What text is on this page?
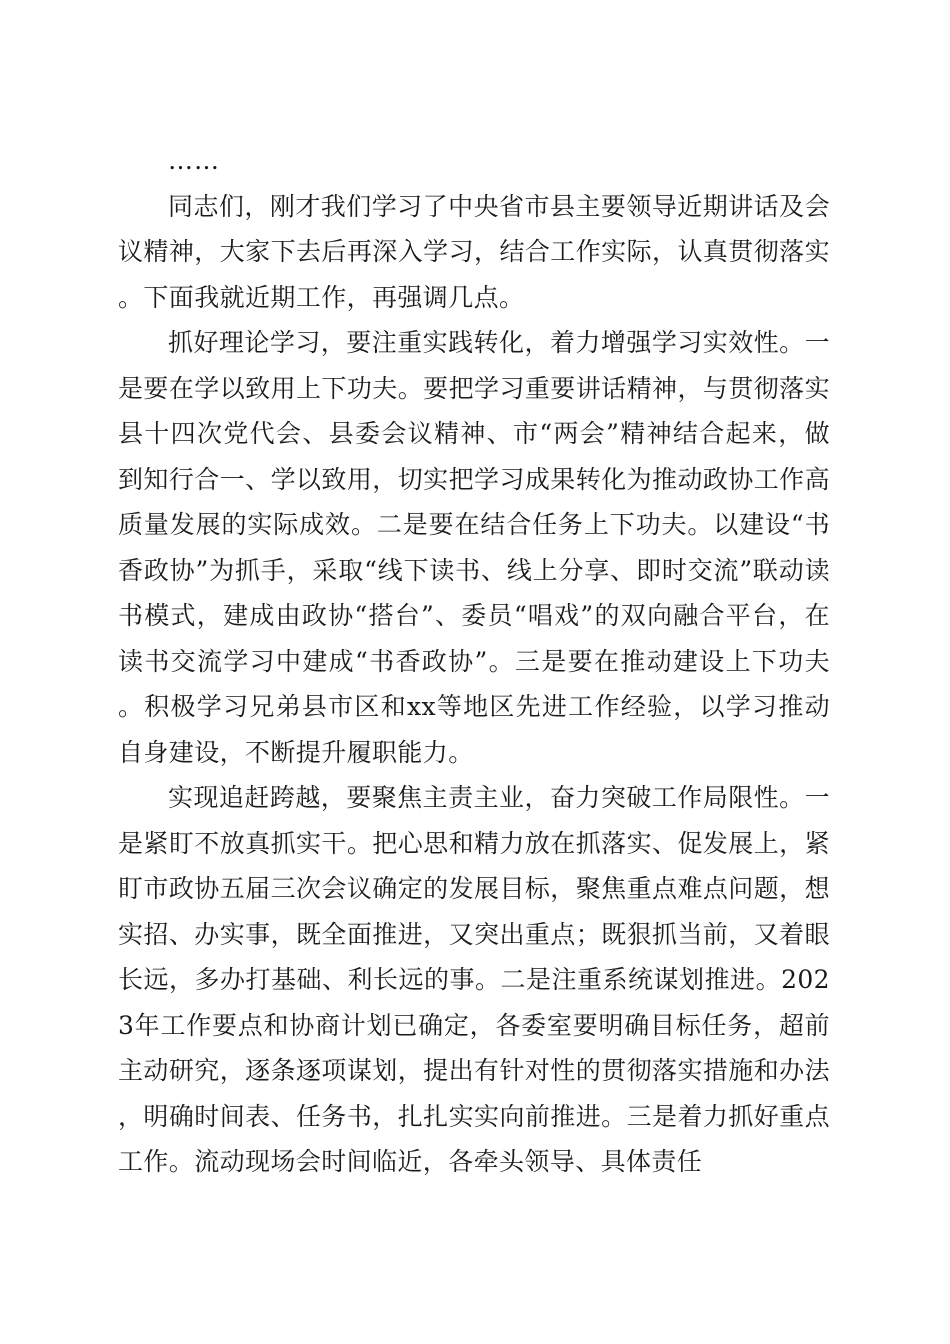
……

同志们，刚才我们学习了中央省市县主要领导近期讲话及会议精神，大家下去后再深入学习，结合工作实际，认真贯彻落实。下面我就近期工作，再强调几点。

抓好理论学习，要注重实践转化，着力增强学习实效性。一是要在学以致用上下功夫。要把学习重要讲话精神，与贯彻落实县十四次党代会、县委会议精神、市“两会”精神结合起来，做到知行合一、学以致用，切实把学习成果转化为推动政协工作高质量发展的实际成效。二是要在结合任务上下功夫。以建设“书香政协”为抓手，采取“线下读书、线上分享、即时交流”联动读书模式，建成由政协“搭台”、委员“唱戏”的双向融合平台，在读书交流学习中建成“书香政协”。三是要在推动建设上下功夫。积极学习兄弟县市区和xx等地区先进工作经验，以学习推动自身建设，不断提升履职能力。

实现追赶跨越，要聚焦主责主业，奋力突破工作局限性。一是紧盯不放真抓实干。把心思和精力放在抓落实、促发展上，紧盯市政协五届三次会议确定的发展目标，聚焦重点难点问题，想实招、办实事，既全面推进，又突出重点；既狠抓当前，又着眼长远，多办打基础、利长远的事。二是注重系统谋划推进。2023年工作要点和协商计划已确定，各委室要明确目标任务，超前主动研究，逐条逐项谋划，提出有针对性的贯彻落实措施和办法，明确时间表、任务书，扎扎实实向前推进。三是着力抓好重点工作。流动现场会时间临近，各牵头领导、具体责任
